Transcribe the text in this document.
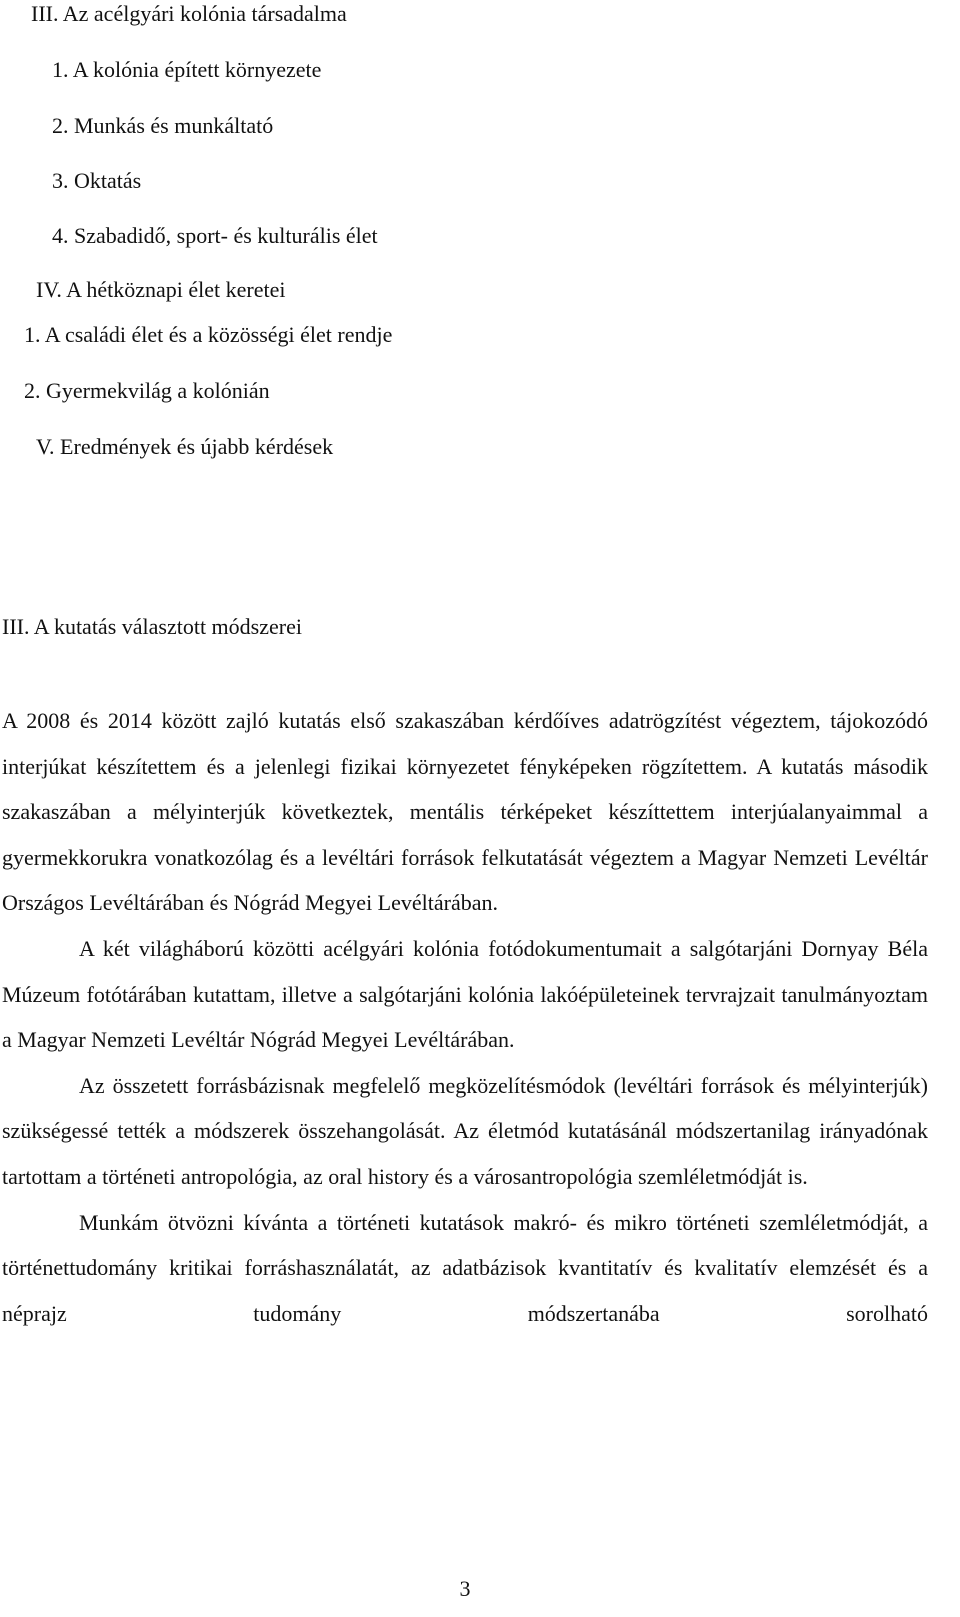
III. Az acélgyári kolónia társadalma
1. A kolónia épített környezete
2. Munkás és munkáltató
3. Oktatás
4. Szabadidő, sport- és kulturális élet
IV. A hétköznapi élet keretei
1. A családi élet és a közösségi élet rendje
2. Gyermekvilág a kolónián
V. Eredmények és újabb kérdések
III. A kutatás választott módszerei

A 2008 és 2014 között zajló kutatás első szakaszában kérdőíves adatrögzítést végeztem, tájokozódó interjúkat készítettem és a jelenlegi fizikai környezetet fényképeken rögzítettem. A kutatás második szakaszában a mélyinterjúk következtek, mentális térképeket készíttettem interjúalanyaimmal a gyermekkorukra vonatkozólag és a levéltári források felkutatását végeztem a Magyar Nemzeti Levéltár Országos Levéltárában és Nógrád Megyei Levéltárában.

A két világháború közötti acélgyári kolónia fotódokumentumait a salgótarjáni Dornyay Béla Múzeum fotótárában kutattam, illetve a salgótarjáni kolónia lakóépületeinek tervrajzait tanulmányoztam a Magyar Nemzeti Levéltár Nógrád Megyei Levéltárában.

Az összetett forrásbázisnak megfelelő megközelítésmódok (levéltári források és mélyinterjúk) szükségessé tették a módszerek összehangolását. Az életmód kutatásánál módszertanilag irányadónak tartottam a történeti antropológia, az oral history és a városantropológia szemléletmódját is.

Munkám ötvözni kívánta a történeti kutatások makró- és mikro történeti szemléletmódját, a történettudomány kritikai forráshasználatát, az adatbázisok kvantitatív és kvalitatív elemzését és a néprajz tudomány módszertanába sorolható

3
